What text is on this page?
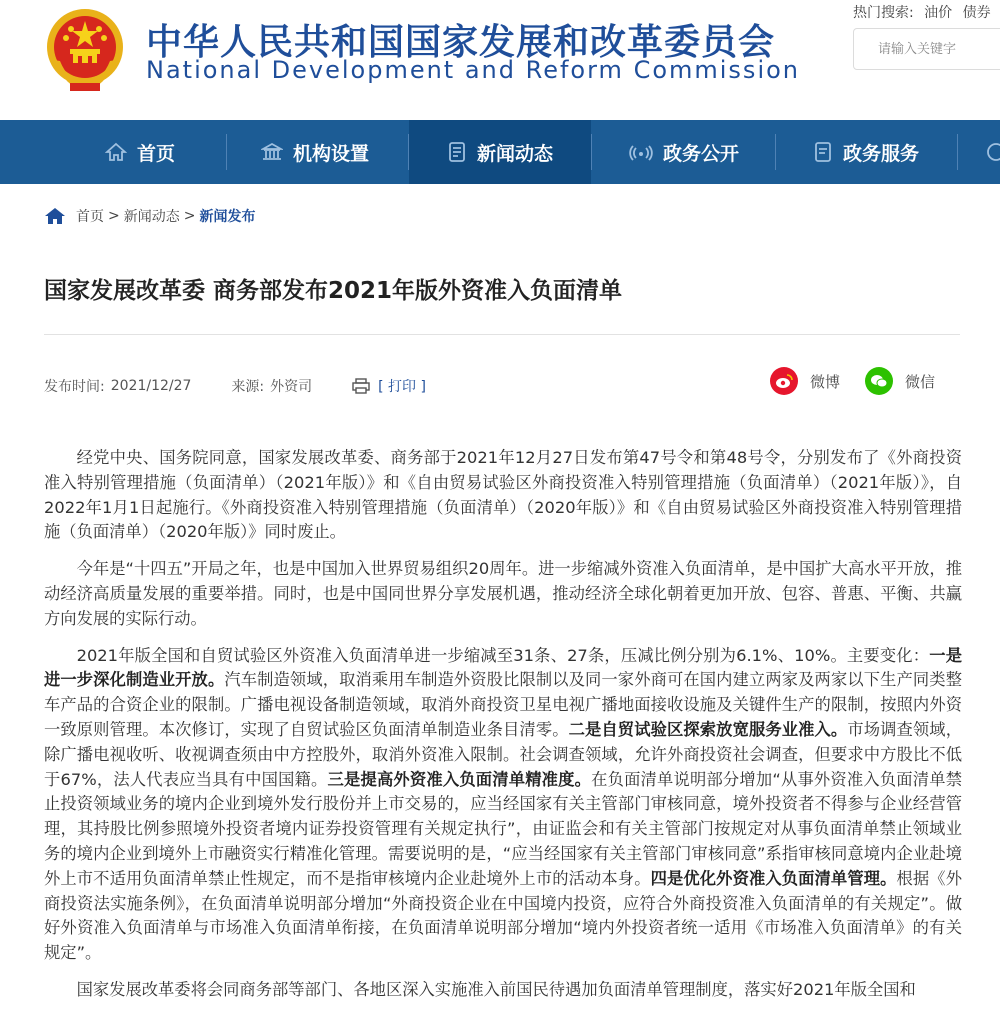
中华人民共和国国家发展和改革委员会
National Development and Reform Commission
热门搜索: 油价 债券
请输入关键字
首页	机构设置	新闻动态	政务公开	政务服务
首页 > 新闻动态 > 新闻发布
国家发展改革委 商务部发布2021年版外资准入负面清单
发布时间: 2021/12/27	来源: 外资司	[ 打印 ]	微博	微信

经党中央、国务院同意，国家发展改革委、商务部于2021年12月27日发布第47号令和第48号令，分别发布了《外商投资准入特别管理措施（负面清单）（2021年版）》和《自由贸易试验区外商投资准入特别管理措施（负面清单）（2021年版）》，自2022年1月1日起施行。《外商投资准入特别管理措施（负面清单）（2020年版）》和《自由贸易试验区外商投资准入特别管理措施（负面清单）（2020年版）》同时废止。

今年是“十四五”开局之年，也是中国加入世界贸易组织20周年。进一步缩减外资准入负面清单，是中国扩大高水平开放，推动经济高质量发展的重要举措。同时，也是中国同世界分享发展机遇，推动经济全球化朝着更加开放、包容、普惠、平衡、共赢方向发展的实际行动。

2021年版全国和自贸试验区外资准入负面清单进一步缩减至31条、27条，压减比例分别为6.1%、10%。主要变化：一是进一步深化制造业开放。汽车制造领域，取消乘用车制造外资股比限制以及同一家外商可在国内建立两家及两家以下生产同类整车产品的合资企业的限制。广播电视设备制造领域，取消外商投资卫星电视广播地面接收设施及关键件生产的限制，按照内外资一致原则管理。本次修订，实现了自贸试验区负面清单制造业条目清零。二是自贸试验区探索放宽服务业准入。市场调查领域，除广播电视收听、收视调查须由中方控股外，取消外资准入限制。社会调查领域，允许外商投资社会调查，但要求中方股比不低于67%，法人代表应当具有中国国籍。三是提高外资准入负面清单精准度。在负面清单说明部分增加“从事外资准入负面清单禁止投资领域业务的境内企业到境外发行股份并上市交易的，应当经国家有关主管部门审核同意，境外投资者不得参与企业经营管理，其持股比例参照境外投资者境内证券投资管理有关规定执行”，由证监会和有关主管部门按规定对从事负面清单禁止领域业务的境内企业到境外上市融资实行精准化管理。需要说明的是，“应当经国家有关主管部门审核同意”系指审核同意境内企业赴境外上市不适用负面清单禁止性规定，而不是指审核境内企业赴境外上市的活动本身。四是优化外资准入负面清单管理。根据《外商投资法实施条例》，在负面清单说明部分增加“外商投资企业在中国境内投资，应符合外商投资准入负面清单的有关规定”。做好外资准入负面清单与市场准入负面清单衔接，在负面清单说明部分增加“境内外投资者统一适用《市场准入负面清单》的有关规定”。

国家发展改革委将会同商务部等部门、各地区深入实施准入前国民待遇加负面清单管理制度，落实好2021年版全国和
